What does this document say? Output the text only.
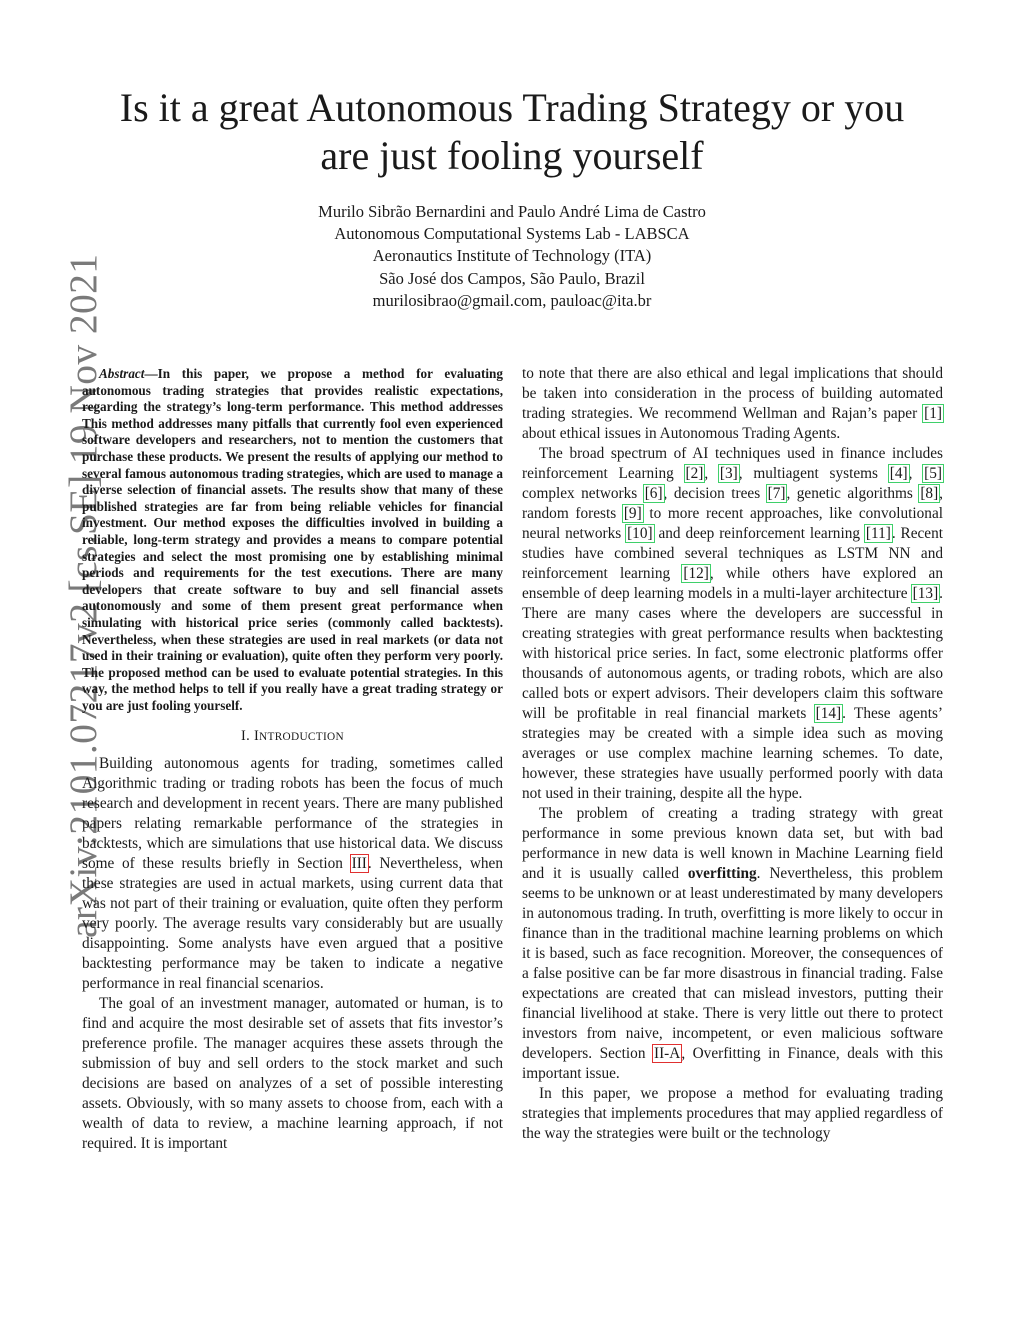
arXiv:2101.07217v2 [cs.SE] 19 Nov 2021
Is it a great Autonomous Trading Strategy or you
are just fooling yourself
Murilo Sibrão Bernardini and Paulo André Lima de Castro
Autonomous Computational Systems Lab - LABSCA
Aeronautics Institute of Technology (ITA)
São José dos Campos, São Paulo, Brazil
murilosibrao@gmail.com, pauloac@ita.br

Abstract—In this paper, we propose a method for evaluating autonomous trading strategies that provides realistic expectations, regarding the strategy’s long-term performance. This method addresses This method addresses many pitfalls that currently fool even experienced software developers and researchers, not to mention the customers that purchase these products. We present the results of applying our method to several famous autonomous trading strategies, which are used to manage a diverse selection of financial assets. The results show that many of these published strategies are far from being reliable vehicles for financial investment. Our method exposes the difficulties involved in building a reliable, long-term strategy and provides a means to compare potential strategies and select the most promising one by establishing minimal periods and requirements for the test executions. There are many developers that create software to buy and sell financial assets autonomously and some of them present great performance when simulating with historical price series (commonly called backtests). Nevertheless, when these strategies are used in real markets (or data not used in their training or evaluation), quite often they perform very poorly. The proposed method can be used to evaluate potential strategies. In this way, the method helps to tell if you really have a great trading strategy or you are just fooling yourself.

I. INTRODUCTION

Building autonomous agents for trading, sometimes called Algorithmic trading or trading robots has been the focus of much research and development in recent years. There are many published papers relating remarkable performance of the strategies in backtests, which are simulations that use historical data. We discuss some of these results briefly in Section III. Nevertheless, when these strategies are used in actual markets, using current data that was not part of their training or evaluation, quite often they perform very poorly. The average results vary considerably but are usually disappointing. Some analysts have even argued that a positive backtesting performance may be taken to indicate a negative performance in real financial scenarios.

The goal of an investment manager, automated or human, is to find and acquire the most desirable set of assets that fits investor’s preference profile. The manager acquires these assets through the submission of buy and sell orders to the stock market and such decisions are based on analyzes of a set of possible interesting assets. Obviously, with so many assets to choose from, each with a wealth of data to review, a machine learning approach, if not required. It is important

to note that there are also ethical and legal implications that should be taken into consideration in the process of building automated trading strategies. We recommend Wellman and Rajan’s paper [1] about ethical issues in Autonomous Trading Agents.

The broad spectrum of AI techniques used in finance includes reinforcement Learning [2], [3], multiagent systems [4], [5] complex networks [6], decision trees [7], genetic algorithms [8], random forests [9] to more recent approaches, like convolutional neural networks [10] and deep reinforcement learning [11]. Recent studies have combined several techniques as LSTM NN and reinforcement learning [12], while others have explored an ensemble of deep learning models in a multi-layer architecture [13]. There are many cases where the developers are successful in creating strategies with great performance results when backtesting with historical price series. In fact, some electronic platforms offer thousands of autonomous agents, or trading robots, which are also called bots or expert advisors. Their developers claim this software will be profitable in real financial markets [14]. These agents’ strategies may be created with a simple idea such as moving averages or use complex machine learning schemes. To date, however, these strategies have usually performed poorly with data not used in their training, despite all the hype.

The problem of creating a trading strategy with great performance in some previous known data set, but with bad performance in new data is well known in Machine Learning field and it is usually called overfitting. Nevertheless, this problem seems to be unknown or at least underestimated by many developers in autonomous trading. In truth, overfitting is more likely to occur in finance than in the traditional machine learning problems on which it is based, such as face recognition. Moreover, the consequences of a false positive can be far more disastrous in financial trading. False expectations are created that can mislead investors, putting their financial livelihood at stake. There is very little out there to protect investors from naive, incompetent, or even malicious software developers. Section II-A, Overfitting in Finance, deals with this important issue.

In this paper, we propose a method for evaluating trading strategies that implements procedures that may applied regardless of the way the strategies were built or the technology
